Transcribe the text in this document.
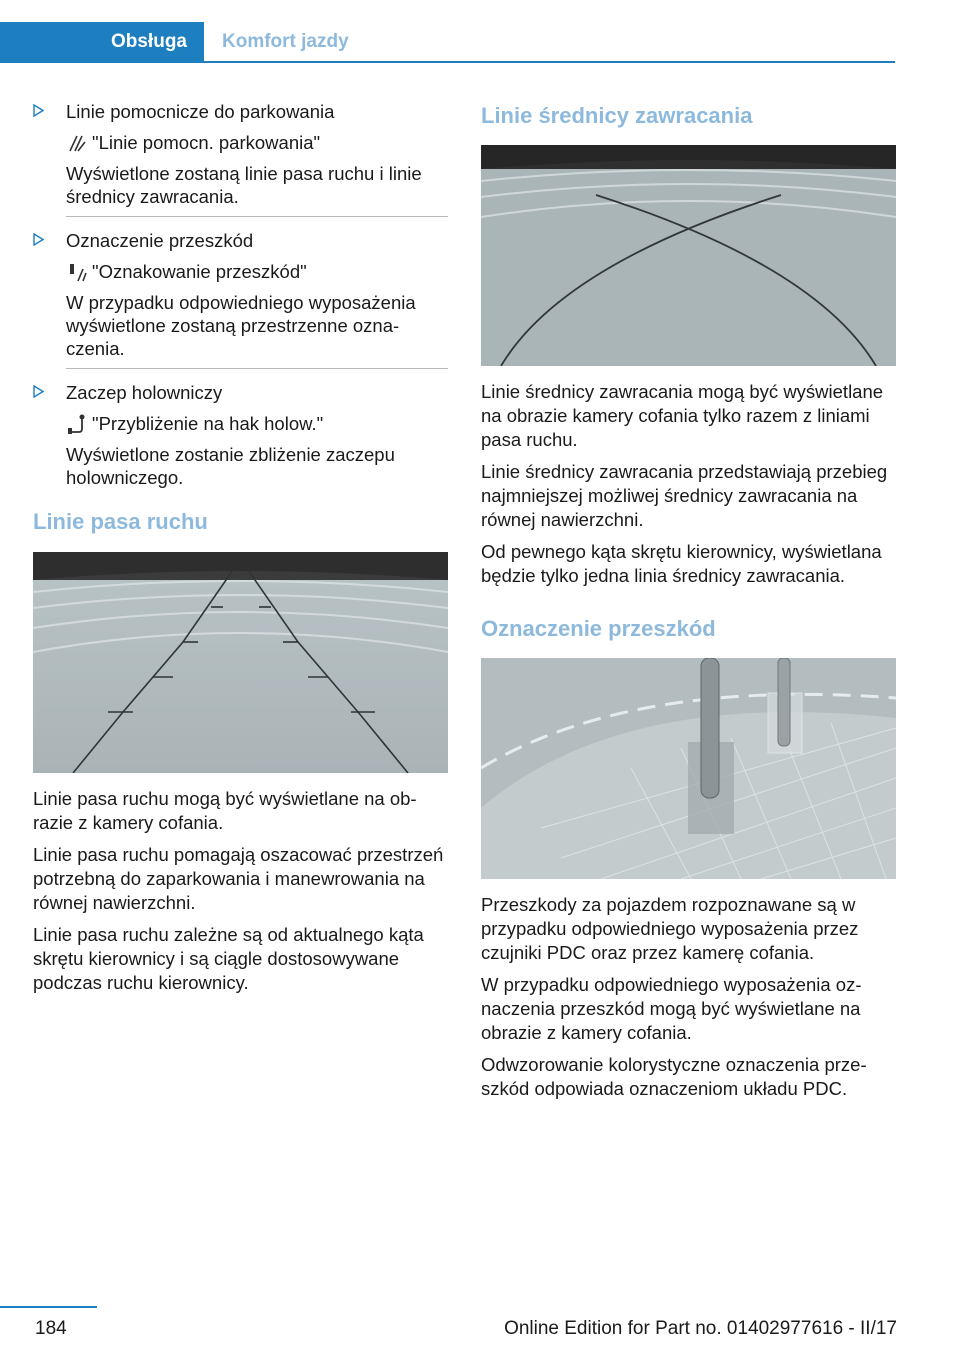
Obsługa	Komfort jazdy

Linie pomocnicze do parkowania

"Linie pomocn. parkowania"

Wyświetlone zostaną linie pasa ruchu i linie średnicy zawracania.

Oznaczenie przeszkód

"Oznakowanie przeszkód"

W przypadku odpowiedniego wyposażenia wyświetlone zostaną przestrzenne oznaczenia.

Zaczep holowniczy

"Przybliżenie na hak holow."

Wyświetlone zostanie zbliżenie zaczepu holowniczego.

Linie pasa ruchu

Linie pasa ruchu mogą być wyświetlane na obrazie z kamery cofania.

Linie pasa ruchu pomagają oszacować przestrzeń potrzebną do zaparkowania i manewrowania na równej nawierzchni.

Linie pasa ruchu zależne są od aktualnego kąta skrętu kierownicy i są ciągle dostosowywane podczas ruchu kierownicy.

Linie średnicy zawracania

Linie średnicy zawracania mogą być wyświetlane na obrazie kamery cofania tylko razem z liniami pasa ruchu.

Linie średnicy zawracania przedstawiają przebieg najmniejszej możliwej średnicy zawracania na równej nawierzchni.

Od pewnego kąta skrętu kierownicy, wyświetlana będzie tylko jedna linia średnicy zawracania.

Oznaczenie przeszkód

Przeszkody za pojazdem rozpoznawane są w przypadku odpowiedniego wyposażenia przez czujniki PDC oraz przez kamerę cofania.

W przypadku odpowiedniego wyposażenia oznaczenia przeszkód mogą być wyświetlane na obrazie z kamery cofania.

Odwzorowanie kolorystyczne oznaczenia przeszkód odpowiada oznaczeniom układu PDC.

184	Online Edition for Part no. 01402977616 - II/17
